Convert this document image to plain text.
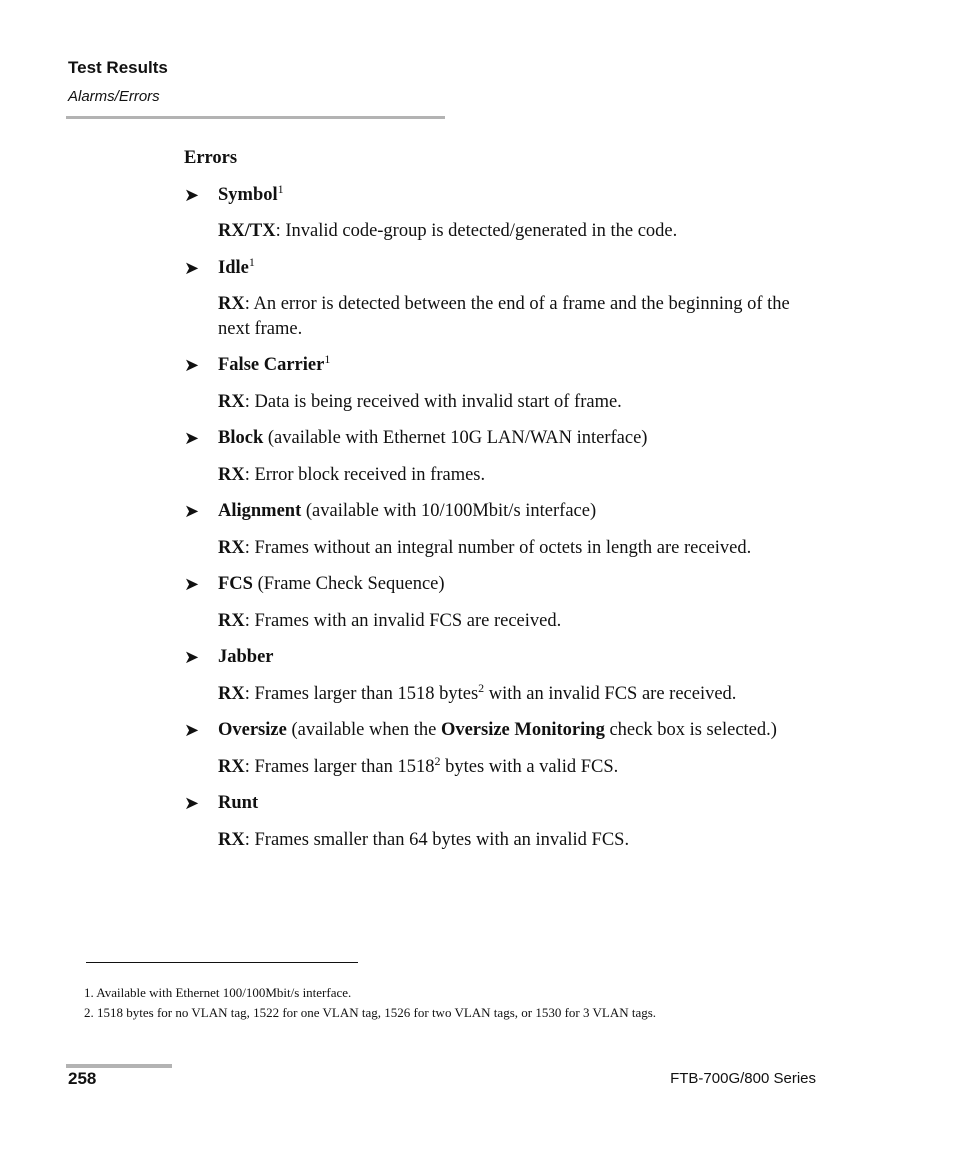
Test Results
Alarms/Errors
Errors
➤ Symbol$^1$
RX/TX: Invalid code-group is detected/generated in the code.
➤ Idle$^1$
RX: An error is detected between the end of a frame and the beginning of the next frame.
➤ False Carrier$^1$
RX: Data is being received with invalid start of frame.
➤ Block (available with Ethernet 10G LAN/WAN interface)
RX: Error block received in frames.
➤ Alignment (available with 10/100Mbit/s interface)
RX: Frames without an integral number of octets in length are received.
➤ FCS (Frame Check Sequence)
RX: Frames with an invalid FCS are received.
➤ Jabber
RX: Frames larger than 1518 bytes$^2$ with an invalid FCS are received.
➤ Oversize (available when the Oversize Monitoring check box is selected.)
RX: Frames larger than 1518$^2$ bytes with a valid FCS.
➤ Runt
RX: Frames smaller than 64 bytes with an invalid FCS.

1. Available with Ethernet 100/100Mbit/s interface.

2. 1518 bytes for no VLAN tag, 1522 for one VLAN tag, 1526 for two VLAN tags, or 1530 for 3 VLAN tags.

258	FTB-700G/800 Series
